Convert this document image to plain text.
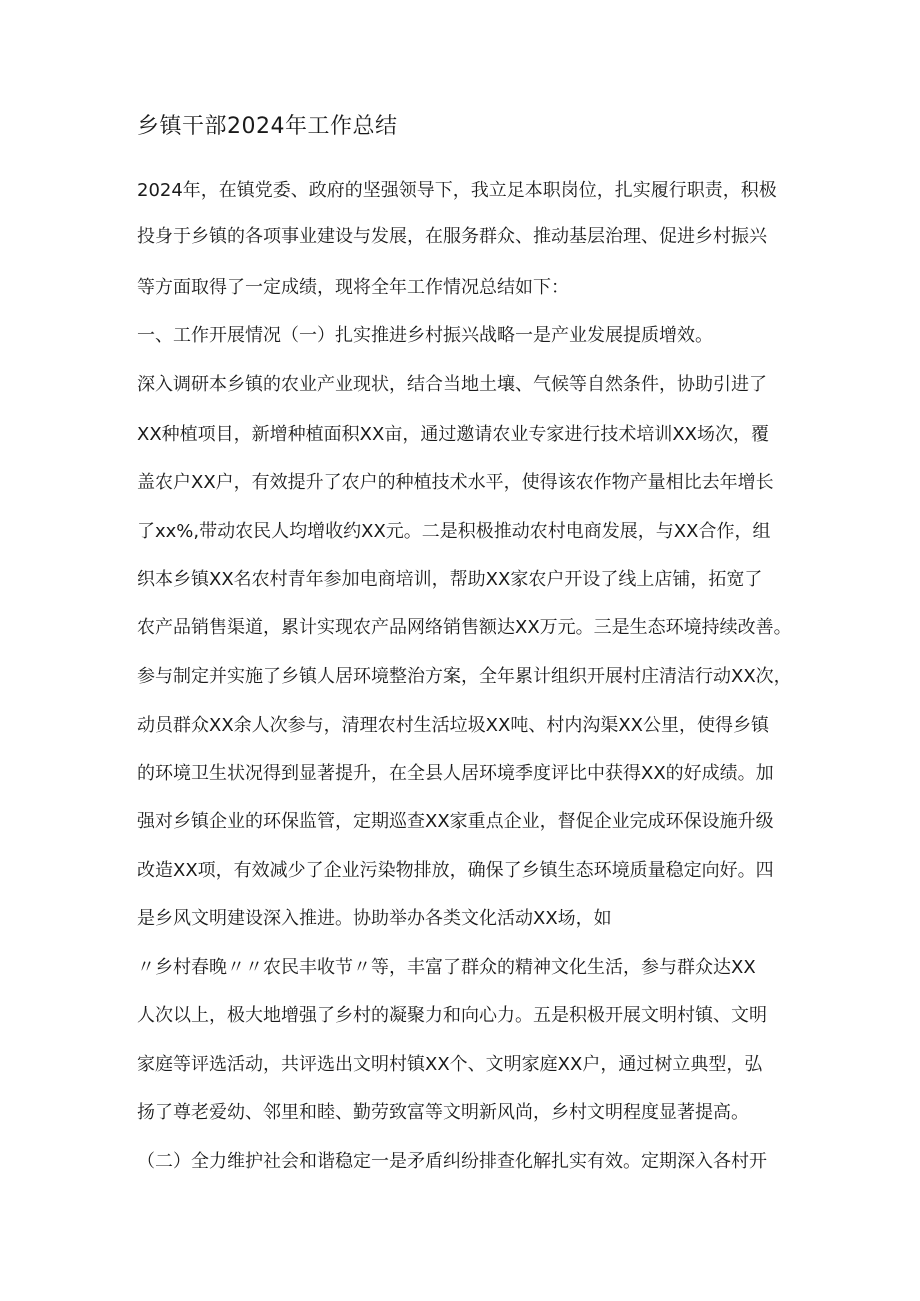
乡镇干部2024年工作总结
2024年，在镇党委、政府的坚强领导下，我立足本职岗位，扎实履行职责，积极
投身于乡镇的各项事业建设与发展，在服务群众、推动基层治理、促进乡村振兴
等方面取得了一定成绩，现将全年工作情况总结如下：
一、工作开展情况（一）扎实推进乡村振兴战略一是产业发展提质增效。
深入调研本乡镇的农业产业现状，结合当地土壤、气候等自然条件，协助引进了
XX种植项目，新增种植面积XX亩，通过邀请农业专家进行技术培训XX场次，覆
盖农户XX户，有效提升了农户的种植技术水平，使得该农作物产量相比去年增长
了xx%,带动农民人均增收约XX元。二是积极推动农村电商发展，与XX合作，组
织本乡镇XX名农村青年参加电商培训，帮助XX家农户开设了线上店铺，拓宽了
农产品销售渠道，累计实现农产品网络销售额达XX万元。三是生态环境持续改善。
参与制定并实施了乡镇人居环境整治方案，全年累计组织开展村庄清洁行动XX次，
动员群众XX余人次参与，清理农村生活垃圾XX吨、村内沟渠XX公里，使得乡镇
的环境卫生状况得到显著提升，在全县人居环境季度评比中获得XX的好成绩。加
强对乡镇企业的环保监管，定期巡查XX家重点企业，督促企业完成环保设施升级
改造XX项，有效减少了企业污染物排放，确保了乡镇生态环境质量稳定向好。四
是乡风文明建设深入推进。协助举办各类文化活动XX场，如
〃乡村春晚〃〃农民丰收节〃等，丰富了群众的精神文化生活，参与群众达XX
人次以上，极大地增强了乡村的凝聚力和向心力。五是积极开展文明村镇、文明
家庭等评选活动，共评选出文明村镇XX个、文明家庭XX户，通过树立典型，弘
扬了尊老爱幼、邻里和睦、勤劳致富等文明新风尚，乡村文明程度显著提高。
（二）全力维护社会和谐稳定一是矛盾纠纷排查化解扎实有效。定期深入各村开
